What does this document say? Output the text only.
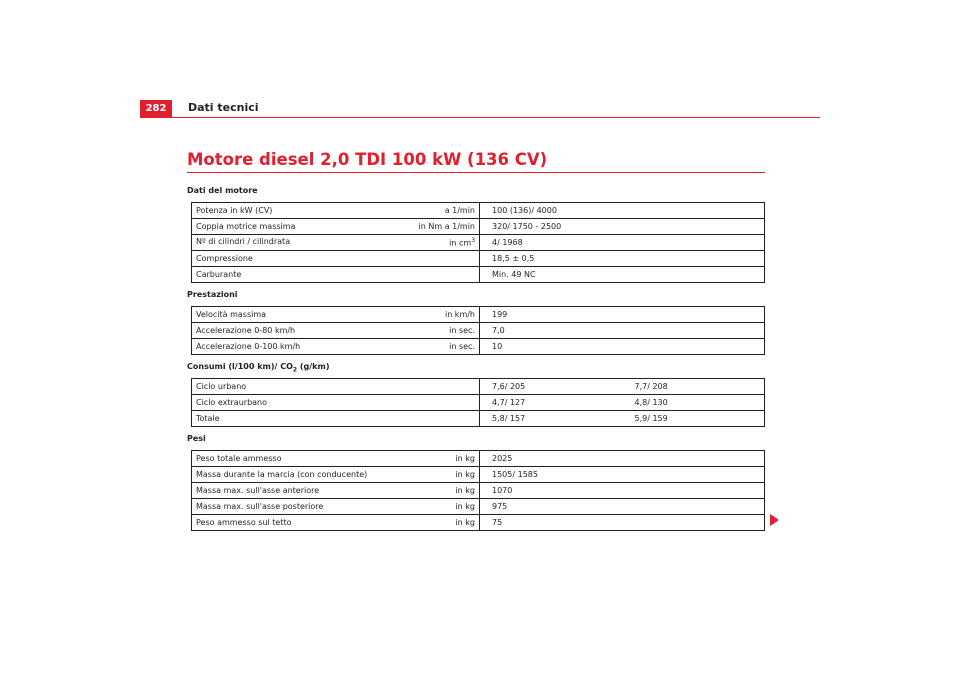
282	Dati tecnici
Motore diesel 2,0 TDI 100 kW (136 CV)
Dati del motore
Potenza in kW (CV) a 1/min	100 (136)/ 4000
Coppia motrice massima in Nm a 1/min	320/ 1750 - 2500
Nº di cilindri / cilindrata in $cm^3$	4/ 1968
Compressione	18,5 ± 0,5
Carburante	Min. 49 NC
Prestazioni
Velocità massima in km/h	199
Accelerazione 0-80 km/h in sec.	7,0
Accelerazione 0-100 km/h in sec.	10
Consumi (l/100 km)/ $CO_2$ (g/km)
Ciclo urbano	7,6/ 205	7,7/ 208
Ciclo extraurbano	4,7/ 127	4,8/ 130
Totale	5,8/ 157	5,9/ 159
Pesi
Peso totale ammesso in kg	2025
Massa durante la marcia (con conducente) in kg	1505/ 1585
Massa max. sull'asse anteriore in kg	1070
Massa max. sull'asse posteriore in kg	975
Peso ammesso sul tetto in kg	75
